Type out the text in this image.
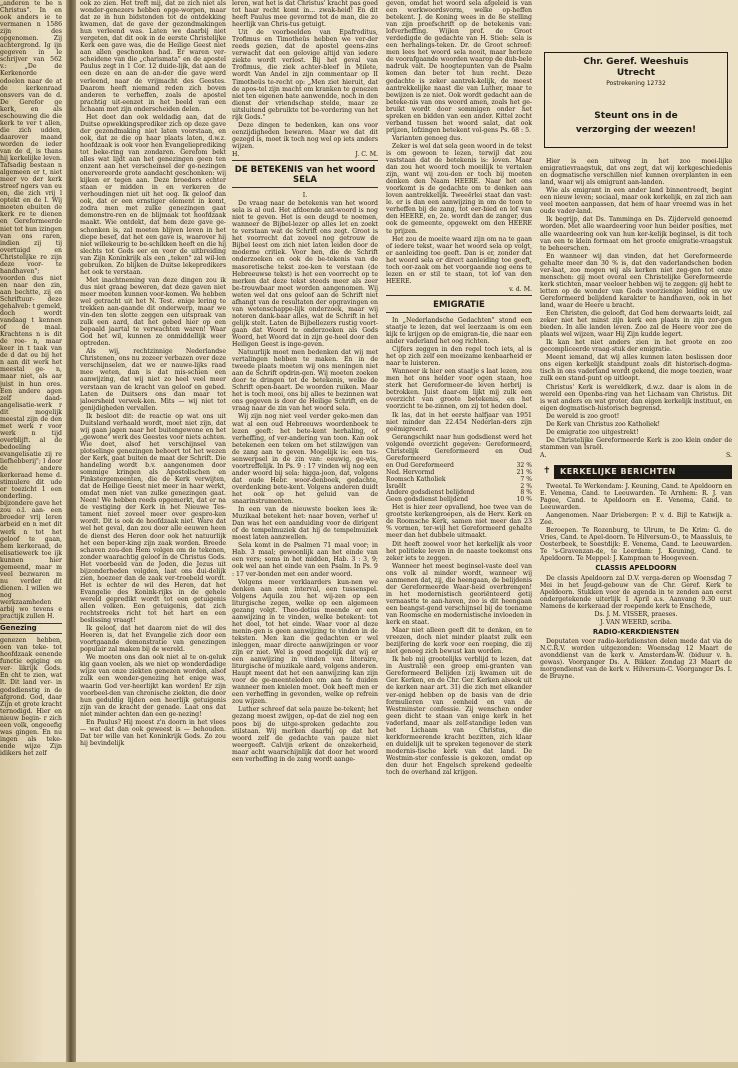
„anderen te be n Christus". In en ook anders ie te vermanen n 1586 zijn des opgenomen. Zij achtergrond. Ig ijn gegeven in le schrijver van 562 v.: „De de Kerkenorde odoelen naar de at de kerkenraad onsvers van de d. De Gerefor ge kerk, en als eschouwing die die kerk te ver t allen, die zich udden, daarover maand worden de ieder van de d, is thans hij kerkelijke leven. Tafsadig bestaan n algemeen er t, niet meer vo der kerk streef ngers van eu en, die zich vrij l optekt en de I. Wij moeten ebuiten de kerk re te dienen en Gereformeerde niet tot hun izingen van ons raren, indien zij tij overtuigd en Christelijke re zijn deze voor- te handhaven"; voorden dus niet en naar den zin, aan bechtte, zij en Schriftuur- deze gehalveb: t gemeld, doch wordt vandaag t kennen of de maal. Krachtens n is dit de roe- n, maar keer in t taak van de d dat ou bij het n aan dit werk het meestal ge- n, maar niet, als aar juist in hun ores. Een andere agen zelf daad- angelisatie-werk r dit mogelijk meestal zijn de den met werk r voor werk n tijd overblijft. al de bedoeling evangelisatie zij re liefhebberij"; l door de andere kerkeraad heme d. stimulere dit ude er toezicht 1 een onderling. bijzondere gave het zou o.l. aan- een broeder vrij leren arbeid en n met dit werk n tot het geloof te gaan, hem kerkeraad, de elisatiewerk toe ijk kunnen hier gemeend, maar m veel bezwaren m nu verder dit dienen. l willen we nog werkzaamheden arbij wo tevens e practijk zullen H.

Genezing

genezen hebben, oen van teke- tot hoofdzaak eenende functie egiging en ver- likrijk Gods. En cht te zien, wat lt. Dit land ver- in godsdienstig in de afgrond. God, daar Zijn et grote kracht ternodigd. Hier en nieuw begin- r zich een volk, ongeoefig was gingen. En nu ingen als teke- ende wijze Zijn idikers het zelf

ook zo zien. Het treft mij, dat ze zich niet als wonder-genezers hebben opge-worpen, maar dat ze in hun bidstonden tot de ontdekking kwamen, dat de gave der gezondmakingen hun verleend was. Laten we daarbij niet vergeten, dat dit ook in de eerste Christelijke Kerk een gave was, die de Heilige Geest niet aan allen geschonken had. Er waren ver-scheidene van die „charismata" en de apostel Paulus zegt in 1 Cor. 12 duide-lijk, dat aan de een deze en aan de an-der die gave werd verleend, naar de vrijmacht des Geestes. Daarom heeft niemand reden zich boven anderen te verheffen, zoals de apostel prachtig uit-eenzet in het beeld van een lichaam met zijn onderscheiden delen.

Het doet dan ook weldadig aan, dat de Duitse opwekkingsprediker zich op deze gave der gezondmaking niet laten voorstaan, en ook, dat ze die op haar plaats laten, d.w.z. hoofdzaak is ook voor hen Evangelieprediking tot beke-ring van zondaren. Gerefom bekt alles wat lijdt aan het genezingen geen ten enzent aan het verscheinsel der ge-nezingen onervereerde grote aandacht geschonken: wij kijken er tegen aan. Deze broeders echter staan er midden in en verkeren de verhoudingen niet uit het oog. Ik geloof dan ook, dat er een ernstiger element in komt, zodra men met zulke genezingen gaat demonstre-ren en de blijmaak tot hoofdzaak maakt. Wie ontdekt, dat hem deze gave ge-schonken is, zal moeten blijven leven in het diepe besef, dat het een gave is, waarover hij niet willekeurig te be-schikken heeft en die hij slechts tot Gods eer en voor de uitbreiding van Zijn Koninkrijk als een „teken" zal wil-len gebruiken. Zo blijken de Duitse lekepredikers het ook te verstaan.

Met inachtneming van deze dingen zou ik dus niet graag beweren, dat deze gaven niet meer moeten kunnen voor-komen. We hebben wel getracht uit het N. Test. enige lering te trekken aan-gaande dit onderwerp, maar we vin-den ten slotte zeggen een uitspraak van zulk een aard, dat het gebed hier op een bepaald jaartal te verwachten waren! Waar God het wil, kunnen ze onmiddellijk weer optreden.

Als wij, rechtzinnige Nederlandse Christenen, ons nu zozeer verbazen over deze verschijnselen, dat we er nauwe-lijks raad mee weten, dan is dat mis-schien een aanwijzing, dat wij niet zo heel veel meer verstaan van de kracht van geloof en gebed. Laten de Duitsers ons dan maar tot jaloersheid verwek-ken. Mits — wij niet tot genijdigheden vervallen.

Ik besloot dit: de reactie op wat ons uit Duitsland verhaald wordt, moet niet zijn, dat wij gaan jagen naar het buitengewone en het „gewone" werk des Geestes voor niets achten. Wie doet, alsof het verschijnsel van plotselinge genezingen behoort tot het wezen der Kerk, gaat buiten de maat der Schrift. Die handeling wordt b.v. aangenomen door sommige kringen als Apostolischen en Pinkstergemeenten, die de Kerk verwijten, dat de Heilige Geest niet meer in haar werkt, omdat men niet van zulke genezingen gaat. Neen! We hebben reeds opgemerkt, dat er na de vestiging der Kerk in het Nieuwe Tes-tament niet zoveel meer over gespro-ken wordt. Dit is ook de hoofdzaak niet. Ware dat wel het geval, dan zou door alle eeuwen heen de dienst des Heren door ook het natuurlijk het een beper-king zijn zaak worden. Breede schaven zou-den Hem volgen om de tekenen, zonder waarachtig geloof in de Christus Gods. Het voorbeeld van de Joden, die Jezus uit bijzonderheden volgden, laat ons dui-delijk zien, hoezeer dan de zaak ver-troebeld wordt. Het is echter de wil des Heren, dat het Evangelie des Konink-rijks in de gehele wereld gepredikt wordt tot een getuigenis allen volken. Een getuigenis, dat zich rechtstreeks richt tot het hart en een beslissing vraagt!

Ik geloof, dat het daarom niet de wil des Heeren is, dat het Evangelie zich door een voortgaande demonstratie van genezingen populair zal maken bij de wereld.

We moeten ons dan ook niet al te on-geluk kig gaan voelen, als we niet op wonderdadige wijze van onze ziekten genezen worden, alsof zulk een wonder-genezing het enige was, waarin God ver-heerlijkt kan worden! Er zijn voorbeel-den van chronische ziekten, die door hun geduldig lijden een heerlijk getuigenis zijn van de kracht der genade. Laat ons dat niet minder achten dan een ge-nezing!

En Paulus? Hij moest z'n doorn in het vlees — wat dat dan ook geweest is — behouden. Dat ter wille van het Koninkrijk Gods. Zo zou hij bevindelijk

leren, wat het is dat Christus' kracht pas goed tot haar recht komt in... zwak-heid! En dit heeft Paulus mee gevormd tot de man, die zo heerlijk van Chris-tus getuigt.

Uit de voorbeelden van Epafroditus, Trofimus en Timotheüs hebben we ver-der reeds gezien, dat de apostel geens-zins verwacht dat een gelovige altijd van iedere ziekte wordt verlost. Bij het geval van Trofimus, die ziek achter-bleef in Milete, wordt Van Andel in zijn commentaar op II Timotheüs te-recht op: „Men ziet hieruit, dat de apos-tel zijn macht om kranken te genezen niet ten eigenen bate aanwendde, noch in den dienst der vriendschap steldе, maar ze uitsluitend gebruikte tot be-vordering van het rijk Gods."

Deze dingen te bedenken, kan ons voor eenzijdigheden bewaren. Maar we dat dit gezegd is, moet ik toch nog wel op iets anders wijzen.

H.	J. C. M.
DE BETEKENIS van het woord SELA

I.

De vraag naar de betekenis van het woord sela is al oud. Het afdoende ant-woord is nog niet te geven. Het is een deugd te noemen, wanneer de Bijbel-lezer op alles let en zoekt te verstaan wat de Schrift ons zegt. Groot is het voorrecht dat zoveel nog getrouw de Bijbel leest om zich niet laten leiden door de moderne critiek. Voor hen, die de Schrift onderzoeken en ook de be-tekenis van de masoretische tekst zoe-ken te verstaan (de Hebreeuwse tekst) is het een voorrecht op te merken dat deze tekst steeds meer als zeer be-trouwbaar moet worden aangenomen. Wij weten wel dat ons geloof aan de Schrift niet afhangt van de resultaten der opgravingen en van wetenschappe-lijk onderzoek, maar wij noteren dank-baar alles, wat de Schrift in het gelijk stelt. Laten de Bijbellezers rustig voort-gaan dat Woord te onderzoeken als Gods Woord, het Woord dat in zijn ge-heel door den Heiligen Geest is inge-geven.

Natuurlijk moet men bedenken dat wij met vertalingen hebben te maken. En in de tweede plaats moeten wij ons meningen niet aan de Schrift opdrin-gen. Wij moeten zoeken door te dringen tot de betekenis, welke de Schrift open-baart. De woorden ruiken. Maar het is toch mooi, ons bij alles te bezinnen wat ons gegeven is door de Heilige Schrift, en de vraag naar de zin van het woord sela.

Wij zijn nog niet veel verder geko-men dan wat al een oud Hebreeuws woordenboek te lezen geeft: het bete-kent herhaling, of verheffing, of ver-andering van toon. Kan ook betekenen een teken om het stilzwijgen van de zang aan te geven. Mogelijk is: een tus-senwerpsel in de zin van: eeuwig, ge-wis, voortreffelijk. In Ps. 9 : 17 vinden wij nog een ander woord bij sela: higga-joon, dat, volgens dat oude Hebr. woor-denboek, gedachte, overdenking bete-kent. Volgens anderen duidt het ook op het geluid van de snaarinstrumenten.

In een van de nieuwste boeken lees ik: Muzikaal betekent het: naar boven, verhef u! Dan was het een aanduiding voor de dirigent of de tempelmuziek dat hij de tempelmuziek moest laten aanzwellen.

Sela komt in de Psalmen 71 maal voor; in Hab. 3 maal; gewoonlijk aan het einde van een vers; soms in het midden, Hab. 3 : 3, 9; ook wel aan het einde van een Psalm. In Ps. 9 : 17 ver-bonden met een ander woord.

Volgens meer verklaarders kun-nen we denken aan een interval, een tussenspel. Volgens Aquila zou het wij-zen op een liturgische zegen, welke op een algemeen gezang volgt. Theo-dotius meende er een aanwijzing in te vinden, welke betekent: tot het doel, tot het einde. Waar voor al deze menin-gen is geen aanwijzing te vinden in de teksten. Men kan die gedachten er wel inleggen, maar directe aanwijzingen er voor zijn er niet. Wel is goed mogelijk dat wij er een aanwijzing in vinden van literaire, liturgische of muzikale aard, volgens anderen. Haupt meent dat het een aanwijzing kan zijn voor de ge-meenteleden om aan te duiden wanneer men knielen moet. Ook heeft men er een verheffing in gevonden, welke op refrein zou wijzen.

Luther schreef dat sela pauze be-tekent; het gezang moest zwijgen, op-dat de ziel nog een poos bij de uitge-sproken gedachte zou stilstaan. Wij merken daarbij op dat het woord zelf de gedachte van pauze niet weergeeft. Calvijn erkent de onzekerheid, maar acht waarschijnlijk dat door het woord een verheffing in de zang wordt aange-

geven, omdat het woord sela afgeleid is van een werkwoordsvorm, welke op-heffen betekent. J. de Koning wees in de 8e stelling van zijn proefschrift op de betekenis van: lofverheffing. Wijlen prof. de Groot verdedigde de gedachte van H. Stieb: sela is een herhalings-teken. Dr. de Groot schreef: men lees het woord sela nooit, maar herleze de voorafgaande woorden waarop de dub-bele nadruk valt. De hoogtepunten van de Psalm komen dan beter tot hun recht. Deze gedachte is zeker aantrek-kelijk, de meest aantrekkelijke naast die van Luther, maar te bewijzen is ze niet. Ook wordt gedacht aan de beteke-nis van ons woord amen, zoals het ge-bruikt wordt door sommigen onder het spreken en bidden van een ander. Kittel zocht verband tussen het woord salat, dat ook prijzen, lofzingen betekent vol-gens Ps. 68 : 5.

Varianten genoeg dus.

Zeker is wel dat sela geen woord in de tekst is om gewoon te lezen, terwijl dat zou vaststaan dat de betekenis is: loven. Maar dan zou het woord toch moeilijk te vertalen zijn, want wij zou-den er toch bij moeten denken den Naam HEERE. Naar het ons voorkomt is de gedachte om te denken aan loven aantrekkelijk. Tweeërlei staat dan vast: le. er is dan een aanwijzing in om de toon te verheffen bij de zang, tot eer-bied en lof van den HEERE, en, 2e. wordt dan de zanger, dus ook de gemeente, opgewekt om den HEERE te prijzen.

Het zou de moeite waard zijn om na te gaan of iedere tekst, waar het woord sela op volgt, er aanleiding toe geeft. Dan is er, zonder dat het woord sela er direct aanleiding toe geeft, toch oor-zaak om het voorgaande nog eens te lezen en er stil te staan, tot lof van den HEERE.

v. d. M.
EMIGRATIE

In „Nederlandsche Gedachten" stond een staatje te lezen, dat wel leerzaam is om een kijk te krijgen op de emigran-tie, die naar een ander vaderland het oog richten.

Cijfers zeggen in den regel toch iets, al is het op zich zelf een moeizame kenbaarheid er naar te luisteren.

Wanneer ik hier een staatje s laat lezen, zou men het ons helder voor ogen staan, hoe sterk het Gereformeer-de leven herbrij is betrokken. Juist daar-om lijkt mij zulk een overzicht van groote betekenis, en het voorzicht te be-zinnen, om zij tot heden doel.

Ik las, dat in het eerste halfjaar van 1951 niet minder dan 22.454 Nederlan-ders zijn geëmigreerd.

Gerangschikt naar hun godsdienst werd het volgende overzicht gegeven: Gereformeerd, Christelijk Gereformeerd en Oud Gereformeerd

en Oud Gereformeerd	32 %
Ned. Hervormd	21 %
Roomsch Katholiek	7 %
Israëlt	2 %
Andere godsdienst belijdend	8 %
Geen godsdienst belijdend	10 %

Het is hier zeer opvallend, hoe twee van de grootste kerkengroepen, als de Herv. Kerk en de Roomsche Kerk, samen niet meer dan 23 % vormen, ter-wijl het Gereformeerd gehalte meer dan het dubbele uitmaakt.

Dit heeft zoowel voor het kerkelijk als voor het politieke leven in de naaste toekomst ons zeker iets te zeggen.

Wanneer het meest beginsel-vaste deel van ons volk al minder wordt, wanneer wij aanmenen dat, zij, die heengaan, de belijdenis der Gereformeerde Waar-heid overbrengen! in het modernistisch georiënteerd getij vernaastte te aan-haven, zoo is dit heengaan een beangst-gend verschijnsel bij de toename van Roomsche en modernistische invloeden in kerk en staat.

Maar niet alleen geeft dit te denken, en te vreezen, doch niet minder plaatst zulk een bezijfering de kerk voor een roeping, die zij niet genoeg zich bewust kan worden.

Ik heb mij grootelijks verblijd te lezen, dat in Australië een groep emi-granten van Gereformeerd Belijden (zij kwamen uit de Ger. Kerken, en de Chr. Ger. Kerken alsook uit de kerken naar art. 31) die zich met elkander ver-enigd hebben op de basis van de drie formulieren van eenheid en van de Westminster confessie. Zij wenschen onder geen dicht te staan van enige kerk in het vaderland, maar als zelf-standige leden van het Lichaam van Christus, die kerkformeerende kracht bezitten, zich klaar en duidelijk uit te spreken tegenover de sterk modernis-tische kerk van dat land. De Westmin-ster confessie is gekozen, omdat op den duur het Engelsch sprekend gedeelte toch de overhand zal krijgen.

Chr. Geref. Weeshuis
Utrecht
Postrekening 12732
Steunt ons in de
verzorging der weezen!

Hier is een uitweg in het zoo moei-lijke emigratievraagstuk, dat ons zegt, dat wij kerkgeschiedenis en dogmatische verschillen niet kunnen overplanten in een land, waar wij als emigrant aan-landen.

Wie als emigrant in een ander land binnentreedt, begint een nieuw leven; sociaal, maar ook kerkelijk, en zal zich aan veel moeten aanpassen, dat hem of haar vreemd was in het oude vader-land.

Ik begrijp, dat Ds. Tamminga en Ds. Zijderveld genoemd worden. Met alle waardeering voor hun beider posities, met alle waardeering ook van hun ker-kelijk beginsel, is dit toch van een te klein formaat om het groote emigratie-vraagstuk te beheerschen.

En wanneer wij dan vinden, dat het Gereformeerde gehalte meer dan 30 % is, dat den vaderlandschen boden ver-laat, zoo mogen wij als kerken niet zeg-gen tot onze menschen: gij moet overal een Christelijke Gereformeerde kerk stichten, maar veeleer hebben wij te zeggen: gij hebt te letten op de wonder van Gods voorzienige leiding en uw Gereformeerd belijdend karakter te handhaven, ook in het land, waar de Heere u bracht.

Een Christen, die gelooft, dat God hem derwaarts leidt, zal zeker niet het minst zijn kerk een plaats in zijn zor-gen bieden. In alle landen leven. Zoo zal de Heere voor zee de plaats wel wijzen, waar Hij Zijn kudde legert.

Ik kan het niet anders zien in het groote en zoo gecompliceerde vraag-stuk der emigratie.

Meent iemand, dat wij alles kunnen laten beslissen door ons eigen kerkelijk standpunt zoals dit historisch-dogma-tisch in ons vaderland wordt gekend, die moge toezien, waar zulk een stand-punt op uitloopt.

Christus' Kerk is wereldkerk, d.w.z. daar is alom in de wereld een Openba-ring van het Lichaam van Christus. Dit is wat anders en wat groter, dan eigen kerkelijk instituut, en eigen dogmatisch-historisch begrensd.

De wereld is zoo groot!

De Kerk van Christus zoo Katholiek!

De emigratie zoo uitgestrekt!

De Christelijke Gereformeerde Kerk is zoo klein onder de stammen van Israël.

A.	S.
✝	KERKELIJKE BERICHTEN

Tweetal. Te Werkendam: J. Keuning, Cand. te Apeldoorn en E. Venema, Cand. te Leeuwarden. Te Arnhem: R. J. van Pagee, Cand. te Apeldoorn en E. Venema, Cand. te Leeuwarden.

Aangenomen. Naar Driebergen: P. v. d. Bijl te Katwijk a. Zee.

Beroepen. Te Rozenburg, te Ulrum, te De Krim: G. de Vries, Cand. te Apel-doorn. Te Hilversum-O., te Maassluis, te Oosterbeek, te Soestdijk: E. Venema, Cand. te Leeuwarden. Te 's-Gravenzan-de, te Leerdam: J. Keuning, Cand. te Apeldoorn. Te Meppel: J. Kampman te Hoogeveen.

CLASSIS APELDOORN

De classis Apeldoorn zal D.V. verga-deren op Woensdag 7 Mei in het Jeugd-gebouw van de Chr. Geref. Kerk te Apeldoorn. Stukken voor de agenda in te zenden aan eerst ondergetekende uiterlijk 1 April a.s. Aanvang 9.30 uur. Namens de kerkeraad der roepende kerk te Enschede,

Ds. J. M. VISSER, praeses.

J. VAN WEERD, scriba.

RADIO-KERKDIENSTEN

Deputaten voor radio-kerkdiensten delen mede dat via de N.C.R.V. worden uitgezonden: Woensdag 12 Maart de avonddienst van de kerk v. Amsterdam-W. (biduur v. h. gewas). Voorganger Ds. A. Bikker. Zondag 23 Maart de morgendienst van de kerk v. Hilversum-C. Voorganger Ds. I. de Bruyne.
